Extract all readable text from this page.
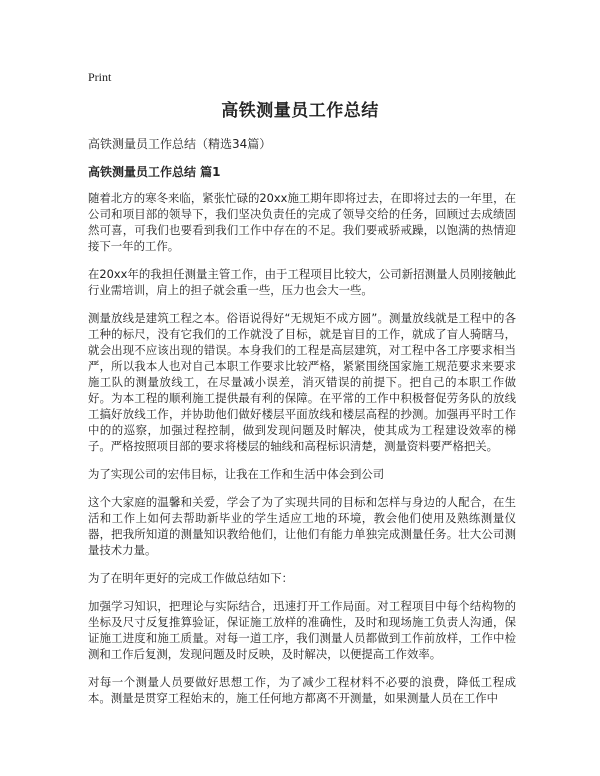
Print
高铁测量员工作总结

高铁测量员工作总结（精选34篇）

高铁测量员工作总结 篇1

随着北方的寒冬来临，紧张忙碌的20xx施工期年即将过去，在即将过去的一年里，在公司和项目部的领导下，我们坚决负责任的完成了领导交给的任务，回顾过去成绩固然可喜，可我们也要看到我们工作中存在的不足。我们要戒骄戒躁，以饱满的热情迎接下一年的工作。

在20xx年的我担任测量主管工作，由于工程项目比较大，公司新招测量人员刚接触此行业需培训，肩上的担子就会重一些，压力也会大一些。

测量放线是建筑工程之本。俗语说得好“无规矩不成方圆”。测量放线就是工程中的各工种的标尺，没有它我们的工作就没了目标，就是盲目的工作，就成了盲人骑瞎马，就会出现不应该出现的错误。本身我们的工程是高层建筑，对工程中各工序要求相当严，所以我本人也对自己本职工作要求比较严格，紧紧围绕国家施工规范要求来要求施工队的测量放线工，在尽量减小误差，消灭错误的前提下。把自己的本职工作做好。为本工程的顺利施工提供最有利的保障。在平常的工作中积极督促劳务队的放线工搞好放线工作，并协助他们做好楼层平面放线和楼层高程的抄测。加强再平时工作中的的巡察，加强过程控制，做到发现问题及时解决，使其成为工程建设效率的梯子。严格按照项目部的要求将楼层的轴线和高程标识清楚，测量资料要严格把关。

为了实现公司的宏伟目标，让我在工作和生活中体会到公司

这个大家庭的温馨和关爱，学会了为了实现共同的目标和怎样与身边的人配合，在生活和工作上如何去帮助新毕业的学生适应工地的环境，教会他们使用及熟练测量仪器，把我所知道的测量知识教给他们，让他们有能力单独完成测量任务。壮大公司测量技术力量。

为了在明年更好的完成工作做总结如下：

加强学习知识，把理论与实际结合，迅速打开工作局面。对工程项目中每个结构物的坐标及尺寸反复推算验证，保证施工放样的准确性，及时和现场施工负责人沟通，保证施工进度和施工质量。对每一道工序，我们测量人员都做到工作前放样，工作中检测和工作后复测，发现问题及时反映，及时解决，以便提高工作效率。

对每一个测量人员要做好思想工作，为了减少工程材料不必要的浪费，降低工程成本。测量是贯穿工程始末的，施工任何地方都离不开测量，如果测量人员在工作中
